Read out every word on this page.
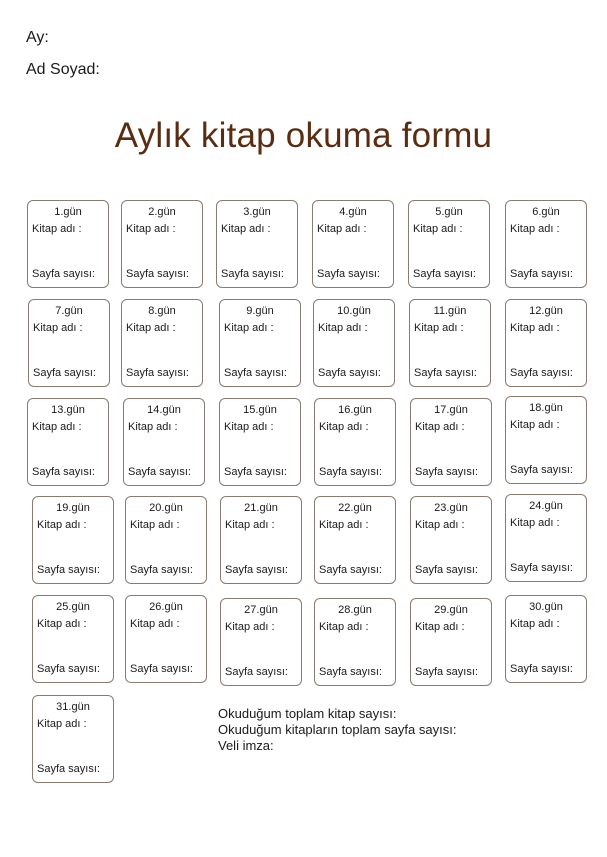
Ay:
Ad Soyad:
Aylık kitap okuma formu
1.gün
Kitap adı :
Sayfa sayısı:
2.gün
Kitap adı :
Sayfa sayısı:
3.gün
Kitap adı :
Sayfa sayısı:
4.gün
Kitap adı :
Sayfa sayısı:
5.gün
Kitap adı :
Sayfa sayısı:
6.gün
Kitap adı :
Sayfa sayısı:
7.gün
Kitap adı :
Sayfa sayısı:
8.gün
Kitap adı :
Sayfa sayısı:
9.gün
Kitap adı :
Sayfa sayısı:
10.gün
Kitap adı :
Sayfa sayısı:
11.gün
Kitap adı :
Sayfa sayısı:
12.gün
Kitap adı :
Sayfa sayısı:
13.gün
Kitap adı :
Sayfa sayısı:
14.gün
Kitap adı :
Sayfa sayısı:
15.gün
Kitap adı :
Sayfa sayısı:
16.gün
Kitap adı :
Sayfa sayısı:
17.gün
Kitap adı :
Sayfa sayısı:
18.gün
Kitap adı :
Sayfa sayısı:
19.gün
Kitap adı :
Sayfa sayısı:
20.gün
Kitap adı :
Sayfa sayısı:
21.gün
Kitap adı :
Sayfa sayısı:
22.gün
Kitap adı :
Sayfa sayısı:
23.gün
Kitap adı :
Sayfa sayısı:
24.gün
Kitap adı :
Sayfa sayısı:
25.gün
Kitap adı :
Sayfa sayısı:
26.gün
Kitap adı :
Sayfa sayısı:
27.gün
Kitap adı :
Sayfa sayısı:
28.gün
Kitap adı :
Sayfa sayısı:
29.gün
Kitap adı :
Sayfa sayısı:
30.gün
Kitap adı :
Sayfa sayısı:
31.gün
Kitap adı :
Sayfa sayısı:
Okuduğum toplam kitap sayısı:
Okuduğum kitapların toplam sayfa sayısı:
Veli imza:
